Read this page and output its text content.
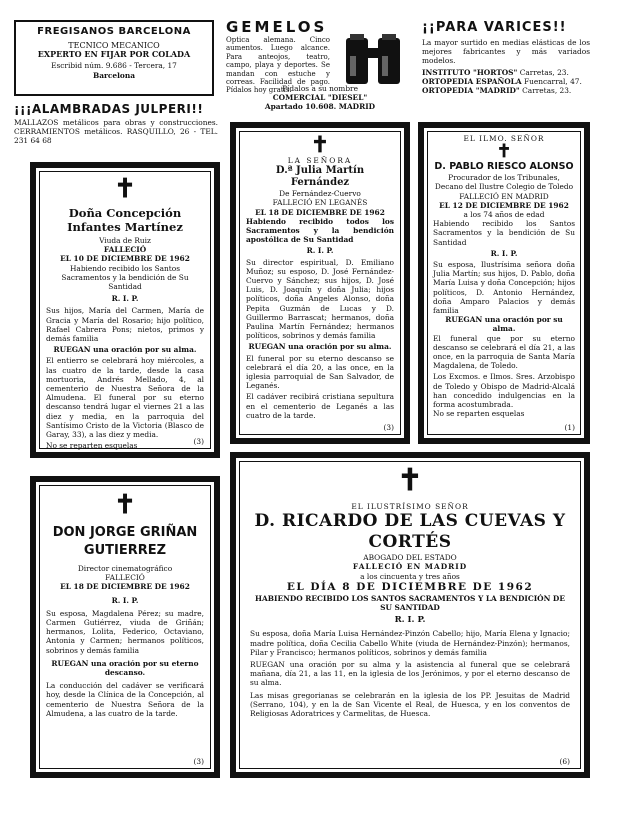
FREGISANOS BARCELONA

TECNICO MECANICO

EXPERTO EN FIJAR POR COLADA

Escribid núm. 9.686 - Tercera, 17

Barcelona

GEMELOS

Optica alemana. Cinco aumentos. Luego alcance. Para anteojos, teatro, campo, playa y deportes. Se mandan con estuche y correas. Facilidad de pago. Pídalos hoy gratis.

Pídalos a su nombre

COMERCIAL "DIESEL"

Apartado 10.608. MADRID

¡¡PARA VARICES!!

La mayor surtido en medias elásticas de los mejores fabricantes y más variados modelos.

INSTITUTO "HORTOS" Carretas, 23.
ORTOPEDIA ESPAÑOLA Fuencarral, 47.
ORTOPEDIA "MADRID" Carretas, 23.

¡¡¡ALAMBRADAS JULPERI!!

MALLAZOS metálicos para obras y construcciones. CERRAMIENTOS metálicos. RASQUILLO, 26 - TEL. 231 64 68

✝

Doña Concepción Infantes Martínez

Viuda de Ruiz

FALLECIÓ

EL 10 DE DICIEMBRE DE 1962

Habiendo recibido los Santos Sacramentos y la bendición de Su Santidad

R. I. P.

Sus hijos, María del Carmen, María de Gracia y María del Rosario; hijo político, Rafael Cabrera Pons; nietos, primos y demás familia

RUEGAN una oración por su alma.

El entierro se celebrará hoy miércoles, a las cuatro de la tarde, desde la casa mortuoria, Andrés Mellado, 4, al cementerio de Nuestra Señora de la Almudena. El funeral por su eterno descanso tendrá lugar el viernes 21 a las diez y media, en la parroquia del Santísimo Cristo de la Victoria (Blasco de Garay, 33), a las diez y media.

No se reparten esquelas	(3)

✝

LA SEÑORA

D.ª Julia Martín Fernández

De Fernández-Cuervo

FALLECIÓ EN LEGANÉS

EL 18 DE DICIEMBRE DE 1962

Habiendo recibido todos los Sacramentos y la bendición apostólica de Su Santidad

R. I. P.

Su director espiritual, D. Emiliano Muñoz; su esposo, D. José Fernández-Cuervo y Sánchez; sus hijos, D. José Luis, D. Joaquín y doña Julia; hijos políticos, doña Angeles Alonso, doña Pepita Guzmán de Lucas y D. Guillermo Barrascat; hermanos, doña Paulina Martín Fernández; hermanos políticos, sobrinos y demás familia

RUEGAN una oración por su alma.

El funeral por su eterno descanso se celebrará el día 20, a las once, en la iglesia parroquial de San Salvador, de Leganés.

El cadáver recibirá cristiana sepultura en el cementerio de Leganés a las cuatro de la tarde.

(3)

EL ILMO. SEÑOR

✝

D. PABLO RIESCO ALONSO

Procurador de los Tribunales, Decano del Ilustre Colegio de Toledo

FALLECIÓ EN MADRID

EL 12 DE DICIEMBRE DE 1962

a los 74 años de edad

Habiendo recibido los Santos Sacramentos y la bendición de Su Santidad

R. I. P.

Su esposa, Ilustrísima señora doña Julia Martín; sus hijos, D. Pablo, doña María Luisa y doña Concepción; hijos políticos, D. Antonio Hernández, doña Amparo Palacios y demás familia

RUEGAN una oración por su alma.

El funeral que por su eterno descanso se celebrará el día 21, a las once, en la parroquia de Santa María Magdalena, de Toledo.

Los Excmos. e Ilmos. Sres. Arzobispo de Toledo y Obispo de Madrid-Alcalá han concedido indulgencias en la forma acostumbrada.

No se reparten esquelas

(1)

✝

DON JORGE GRIÑAN GUTIERREZ

Director cinematográfico

FALLECIÓ

EL 18 DE DICIEMBRE DE 1962

R. I. P.

Su esposa, Magdalena Pérez; su madre, Carmen Gutiérrez, viuda de Griñán; hermanos, Lolita, Federico, Octaviano, Antonia y Carmen; hermanos políticos, sobrinos y demás familia

RUEGAN una oración por su eterno descanso.

La conducción del cadáver se verificará hoy, desde la Clínica de la Concepción, al cementerio de Nuestra Señora de la Almudena, a las cuatro de la tarde.

(3)

✝

EL ILUSTRÍSIMO SEÑOR

D. RICARDO DE LAS CUEVAS Y CORTÉS

ABOGADO DEL ESTADO

FALLECIÓ EN MADRID

a los cincuenta y tres años

EL DÍA 8 DE DICIEMBRE DE 1962

HABIENDO RECIBIDO LOS SANTOS SACRAMENTOS Y LA BENDICIÓN DE SU SANTIDAD

R. I. P.

Su esposa, doña María Luisa Hernández-Pinzón Cabello; hijo, María Elena y Ignacio; madre política, doña Cecilia Cabello White (viuda de Hernández-Pinzón); hermanos, Pilar y Francisco; hermanos políticos, sobrinos y demás familia

RUEGAN una oración por su alma y la asistencia al funeral que se celebrará mañana, día 21, a las 11, en la iglesia de los Jerónimos, y por el eterno descanso de su alma.

Las misas gregorianas se celebrarán en la iglesia de los PP. Jesuitas de Madrid (Serrano, 104), y en la de San Vicente el Real, de Huesca, y en los conventos de Religiosas Adoratrices y Carmelitas, de Huesca.

(6)
